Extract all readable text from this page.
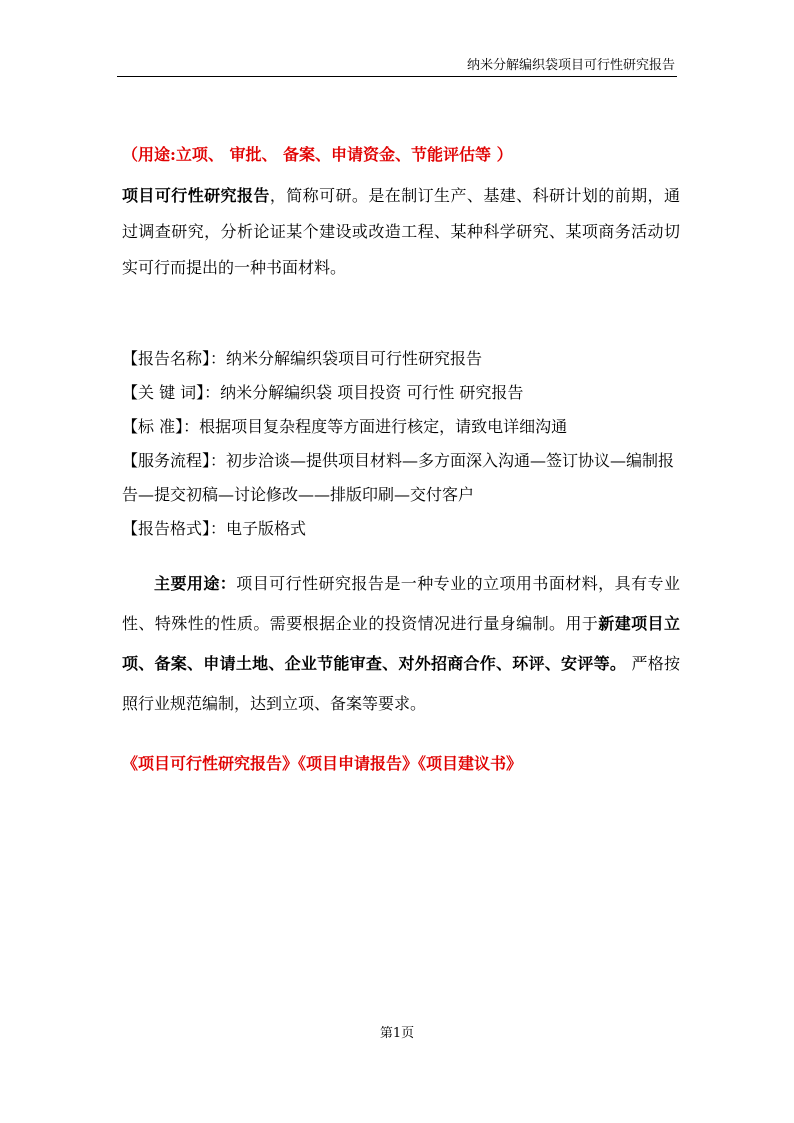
纳米分解编织袋项目可行性研究报告
（用途:立项、 审批、 备案、申请资金、节能评估等 ）
项目可行性研究报告，简称可研。是在制订生产、基建、科研计划的前期，通过调查研究，分析论证某个建设或改造工程、某种科学研究、某项商务活动切实可行而提出的一种书面材料。
【报告名称】：纳米分解编织袋项目可行性研究报告
【关 键 词】：纳米分解编织袋 项目投资 可行性 研究报告
【标 准】：根据项目复杂程度等方面进行核定，请致电详细沟通
【服务流程】：初步洽谈—提供项目材料—多方面深入沟通—签订协议—编制报告—提交初稿—讨论修改——排版印刷—交付客户
【报告格式】：电子版格式
主要用途：项目可行性研究报告是一种专业的立项用书面材料，具有专业性、特殊性的性质。需要根据企业的投资情况进行量身编制。用于新建项目立项、备案、申请土地、企业节能审查、对外招商合作、环评、安评等。 严格按照行业规范编制，达到立项、备案等要求。
《项目可行性研究报告》《项目申请报告》《项目建议书》
第1页
